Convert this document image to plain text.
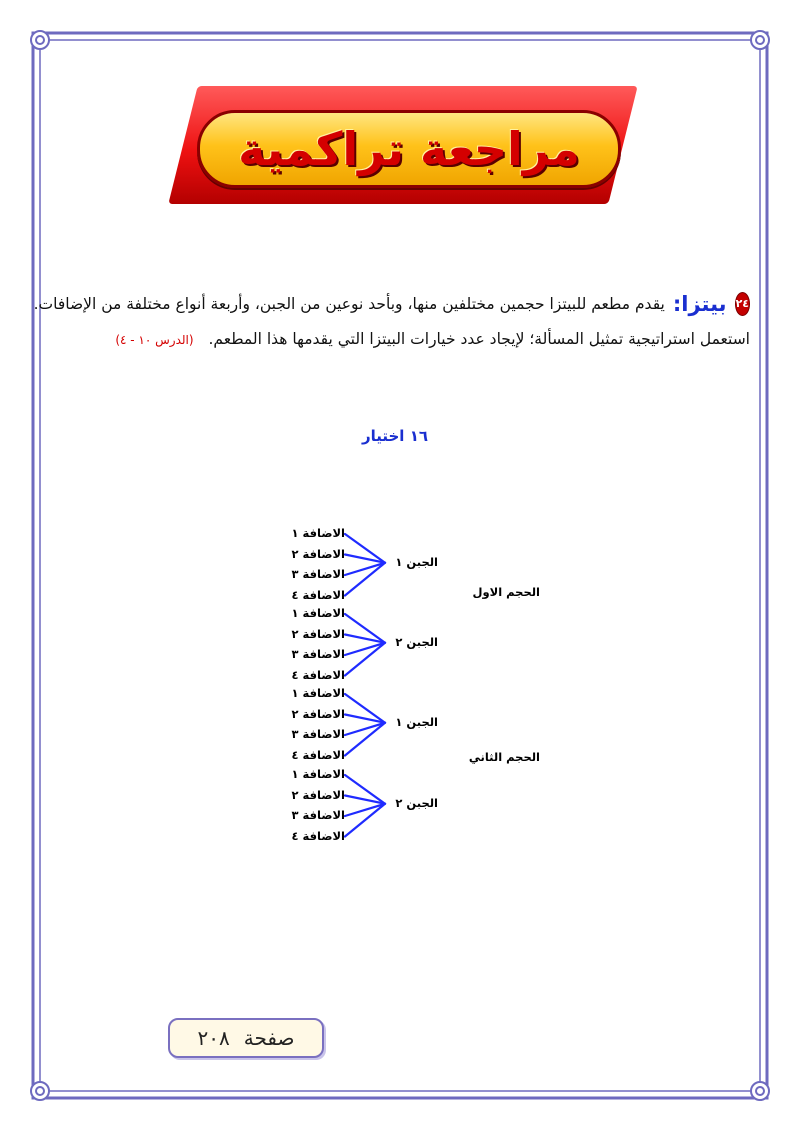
مراجعة تراكمية
٢٤
بيتزا:
يقدم مطعم للبيتزا حجمين مختلفين منها، وبأحد نوعين من الجبن، وأربعة أنواع مختلفة من الإضافات.
استعمل استراتيجية تمثيل المسألة؛ لإيجاد عدد خيارات البيتزا التي يقدمها هذا المطعم. (الدرس ١٠ - ٤)
١٦ اختيار
الاضافة ١
الاضافة ٢
الاضافة ٣
الاضافة ٤
الجبن ١
الاضافة ١
الاضافة ٢
الاضافة ٣
الاضافة ٤
الجبن ٢
الاضافة ١
الاضافة ٢
الاضافة ٣
الاضافة ٤
الجبن ١
الاضافة ١
الاضافة ٢
الاضافة ٣
الاضافة ٤
الجبن ٢
الحجم الاول
الحجم الثاني
صفحة
٢٠٨
